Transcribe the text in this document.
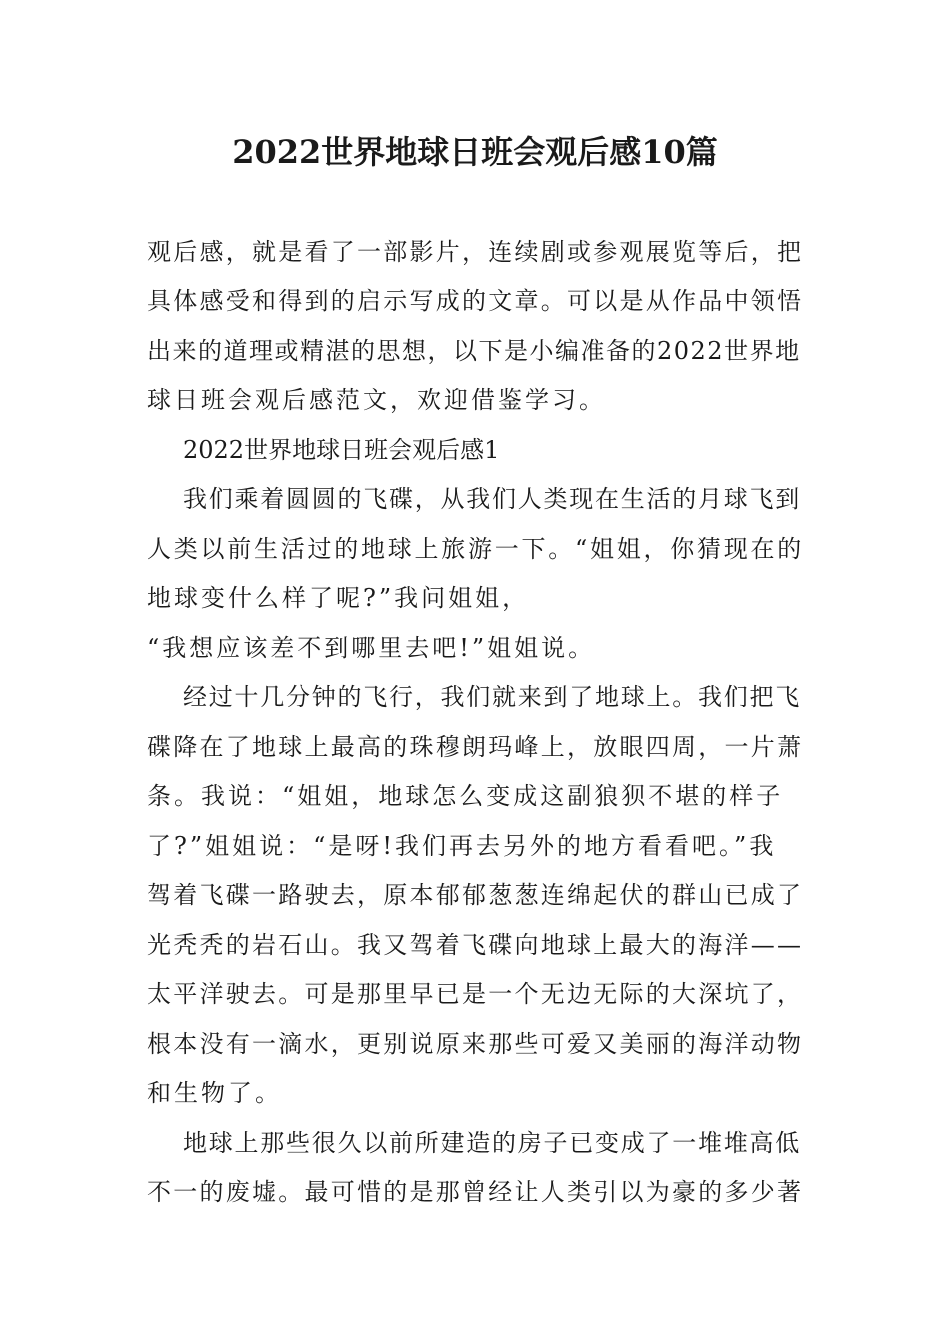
2022世界地球日班会观后感10篇
观后感，就是看了一部影片，连续剧或参观展览等后，把
具体感受和得到的启示写成的文章。可以是从作品中领悟
出来的道理或精湛的思想，以下是小编准备的2022世界地
球日班会观后感范文，欢迎借鉴学习。
2022世界地球日班会观后感1
我们乘着圆圆的飞碟，从我们人类现在生活的月球飞到
人类以前生活过的地球上旅游一下。“姐姐，你猜现在的
地球变什么样了呢?”我问姐姐，
“我想应该差不到哪里去吧!”姐姐说。
经过十几分钟的飞行，我们就来到了地球上。我们把飞
碟降在了地球上最高的珠穆朗玛峰上，放眼四周，一片萧
条。我说：“姐姐，地球怎么变成这副狼狈不堪的样子
了?”姐姐说：“是呀!我们再去另外的地方看看吧。”我
驾着飞碟一路驶去，原本郁郁葱葱连绵起伏的群山已成了
光秃秃的岩石山。我又驾着飞碟向地球上最大的海洋——
太平洋驶去。可是那里早已是一个无边无际的大深坑了，
根本没有一滴水，更别说原来那些可爱又美丽的海洋动物
和生物了。
地球上那些很久以前所建造的房子已变成了一堆堆高低
不一的废墟。最可惜的是那曾经让人类引以为豪的多少著
